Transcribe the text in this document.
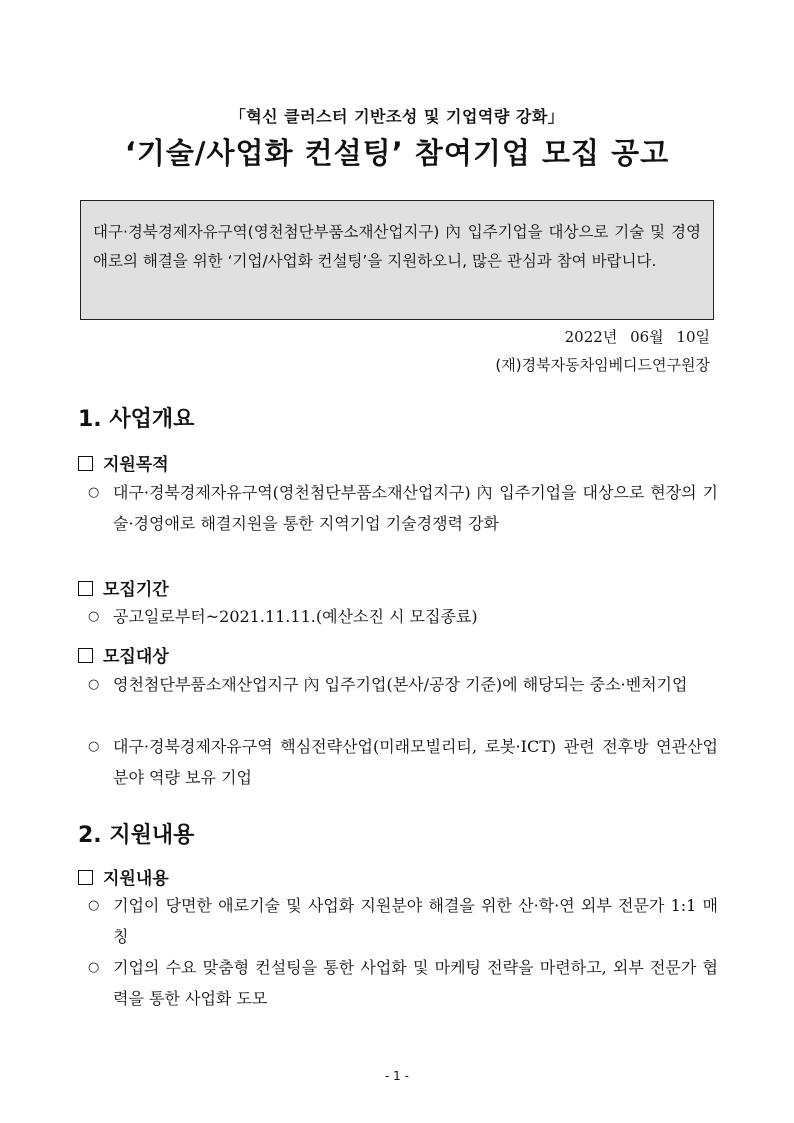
「혁신 클러스터 기반조성 및 기업역량 강화」
‘기술/사업화 컨설팅’ 참여기업 모집 공고
대구·경북경제자유구역(영천첨단부품소재산업지구) 內 입주기업을 대상으로 기술 및 경영애로의 해결을 위한 ‘기업/사업화 컨설팅’을 지원하오니, 많은 관심과 참여 바랍니다.
2022년 06월 10일
(재)경북자동차임베디드연구원장
1. 사업개요
지원목적
○ 대구·경북경제자유구역(영천첨단부품소재산업지구) 內 입주기업을 대상으로 현장의 기술·경영애로 해결지원을 통한 지역기업 기술경쟁력 강화
모집기간
○ 공고일로부터~2021.11.11.(예산소진 시 모집종료)
모집대상
○ 영천첨단부품소재산업지구 內 입주기업(본사/공장 기준)에 해당되는 중소·벤처기업
○ 대구·경북경제자유구역 핵심전략산업(미래모빌리티, 로봇·ICT) 관련 전후방 연관산업 분야 역량 보유 기업
2. 지원내용
지원내용
○ 기업이 당면한 애로기술 및 사업화 지원분야 해결을 위한 산·학·연 외부 전문가 1:1 매칭
○ 기업의 수요 맞춤형 컨설팅을 통한 사업화 및 마케팅 전략을 마련하고, 외부 전문가 협력을 통한 사업화 도모
- 1 -
